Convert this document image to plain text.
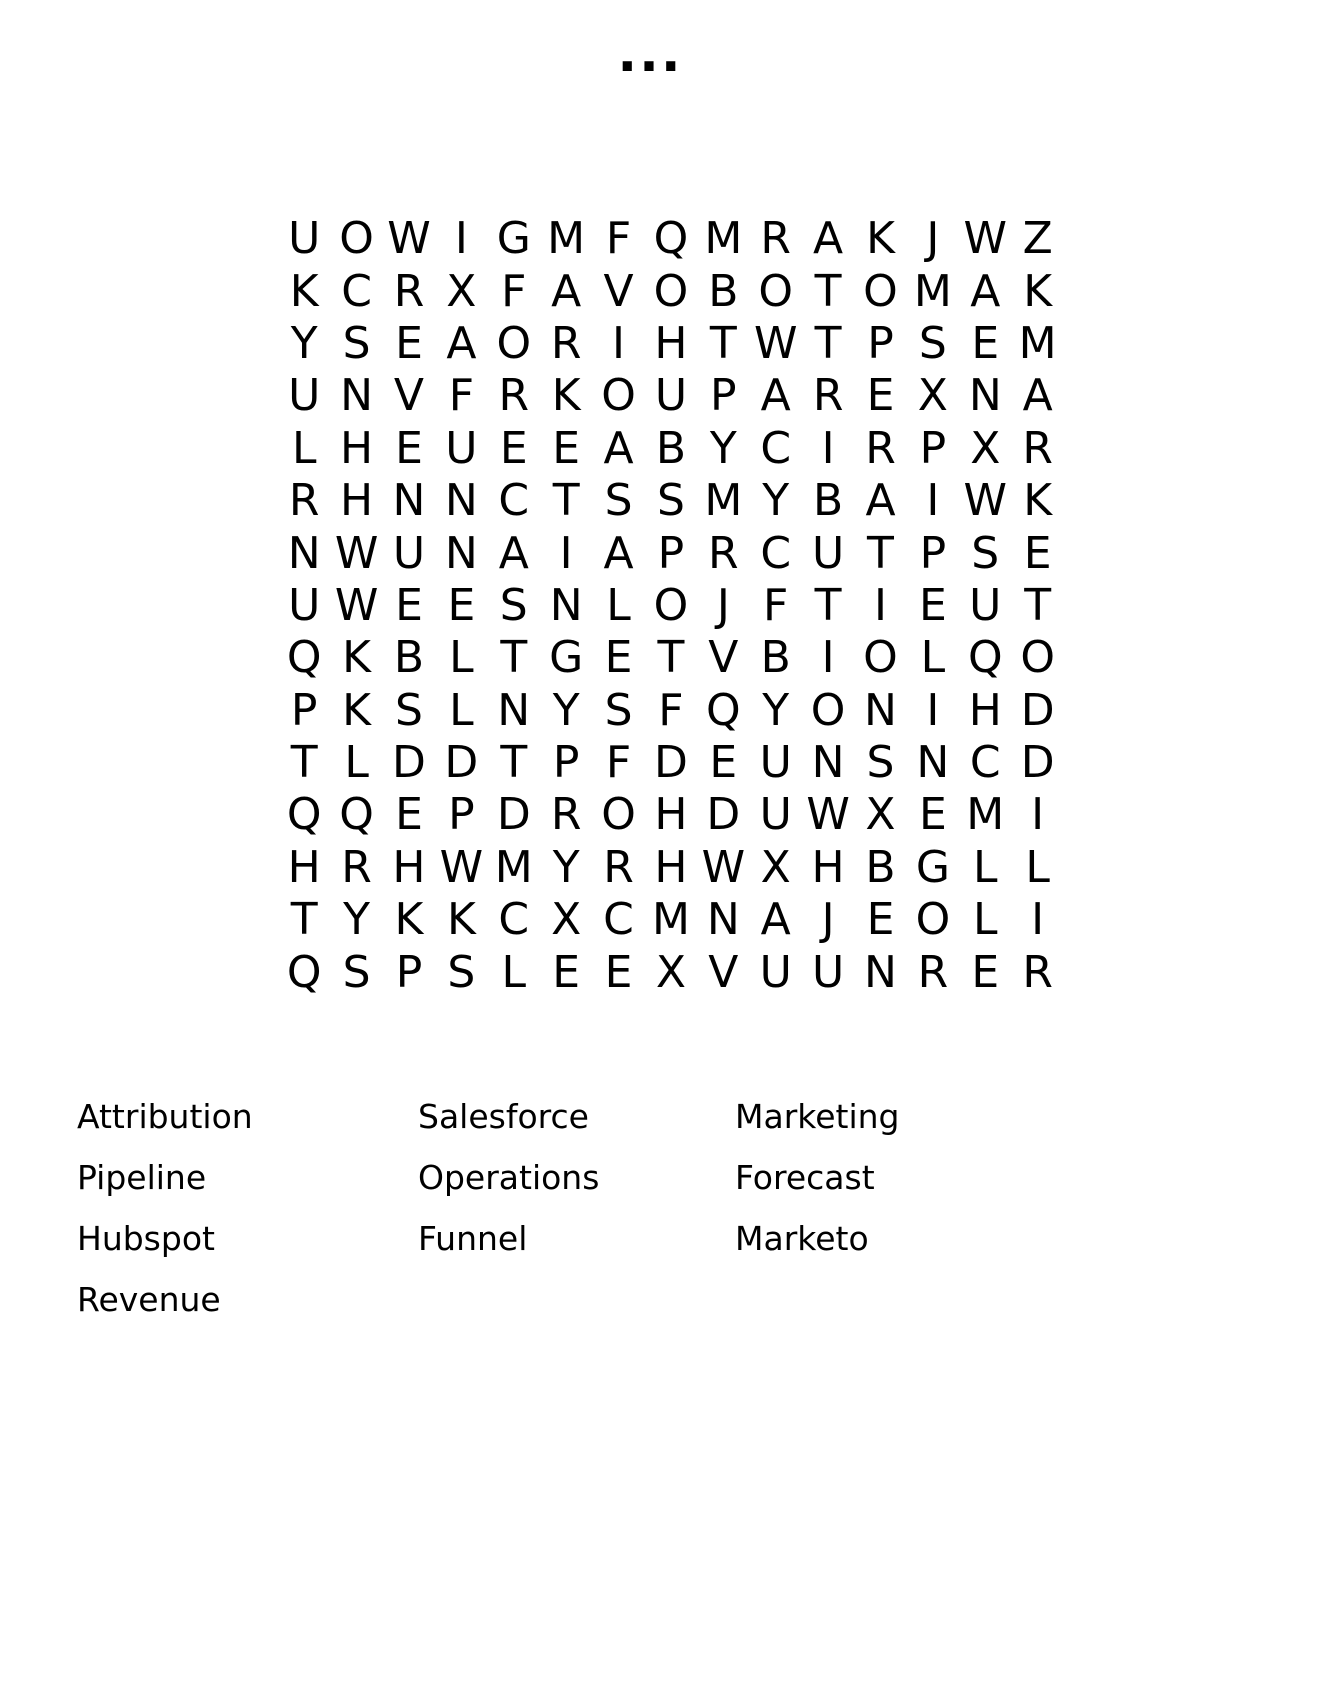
...
U O W I G M F Q M R A K J W Z
K C R X F A V O B O T O M A K
Y S E A O R I H T W T P S E M
U N V F R K O U P A R E X N A
L H E U E E A B Y C I R P X R
R H N N C T S S M Y B A I W K
N W U N A I A P R C U T P S E
U W E E S N L O J F T I E U T
Q K B L T G E T V B I O L Q O
P K S L N Y S F Q Y O N I H D
T L D D T P F D E U N S N C D
Q Q E P D R O H D U W X E M I
H R H W M Y R H W X H B G L L
T Y K K C X C M N A J E O L I
Q S P S L E E X V U U N R E R
Attribution	Salesforce	Marketing
Pipeline	Operations	Forecast
Hubspot	Funnel	Marketo
Revenue
